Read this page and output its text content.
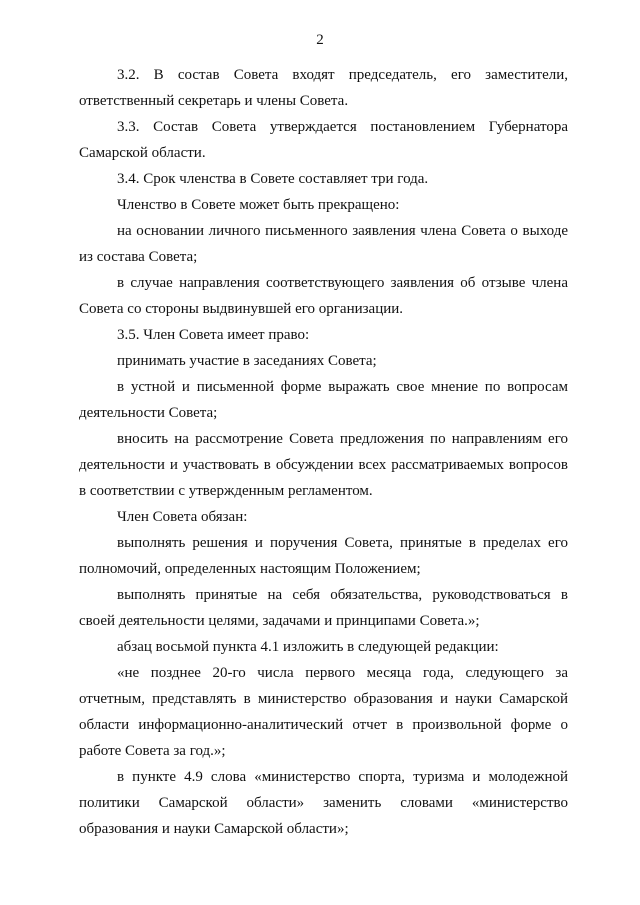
2

3.2. В состав Совета входят председатель, его заместители, ответственный секретарь и члены Совета.

3.3. Состав Совета утверждается постановлением Губернатора Самарской области.

3.4. Срок членства в Совете составляет три года.

Членство в Совете может быть прекращено:

на основании личного письменного заявления члена Совета о выходе из состава Совета;

в случае направления соответствующего заявления об отзыве члена Совета со стороны выдвинувшей его организации.

3.5. Член Совета имеет право:

принимать участие в заседаниях Совета;

в устной и письменной форме выражать свое мнение по вопросам деятельности Совета;

вносить на рассмотрение Совета предложения по направлениям его деятельности и участвовать в обсуждении всех рассматриваемых вопросов в соответствии с утвержденным регламентом.

Член Совета обязан:

выполнять решения и поручения Совета, принятые в пределах его полномочий, определенных настоящим Положением;

выполнять принятые на себя обязательства, руководствоваться в своей деятельности целями, задачами и принципами Совета.»;

абзац восьмой пункта 4.1 изложить в следующей редакции:

«не позднее 20-го числа первого месяца года, следующего за отчетным, представлять в министерство образования и науки Самарской области информационно-аналитический отчет в произвольной форме о работе Совета за год.»;

в пункте 4.9 слова «министерство спорта, туризма и молодежной политики Самарской области» заменить словами «министерство образования и науки Самарской области»;
